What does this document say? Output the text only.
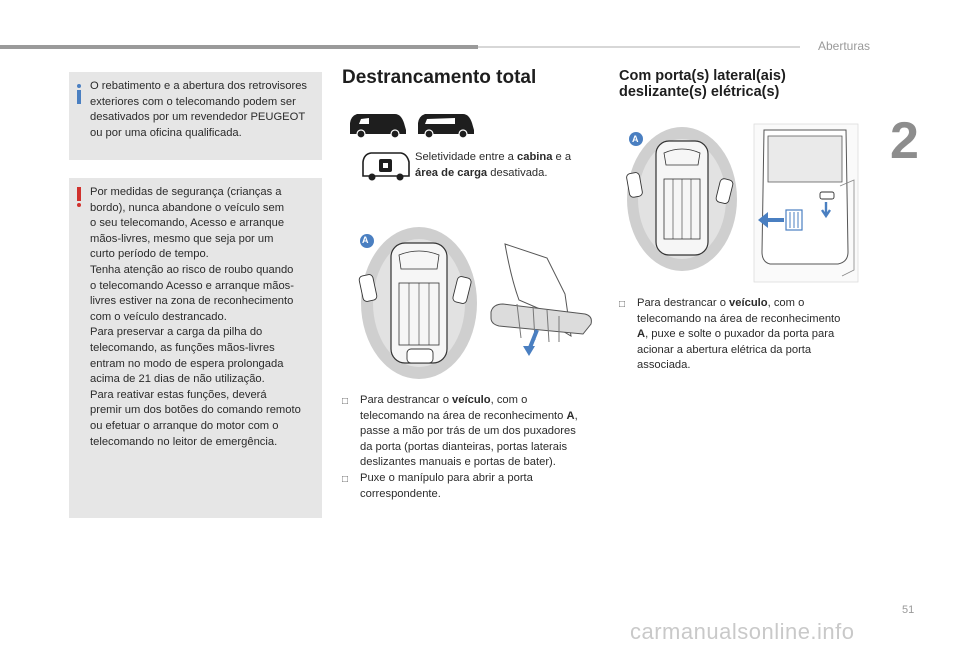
Aberturas
2

O rebatimento e a abertura dos retrovisores
exteriores com o telecomando podem ser
desativados por um revendedor PEUGEOT
ou por uma oficina qualificada.

Por medidas de segurança (crianças a
bordo), nunca abandone o veículo sem
o seu telecomando, Acesso e arranque
mãos-livres, mesmo que seja por um
curto período de tempo.
Tenha atenção ao risco de roubo quando
o telecomando Acesso e arranque mãos-
livres estiver na zona de reconhecimento
com o veículo destrancado.
Para preservar a carga da pilha do
telecomando, as funções mãos-livres
entram no modo de espera prolongada
acima de 21 dias de não utilização.
Para reativar estas funções, deverá
premir um dos botões do comando remoto
ou efetuar o arranque do motor com o
telecomando no leitor de emergência.

Destrancamento total
Seletividade entre a cabina e a
área de carga desativada.
A
□	Para destrancar o veículo, com o
telecomando na área de reconhecimento A,
passe a mão por trás de um dos puxadores
da porta (portas dianteiras, portas laterais
deslizantes manuais e portas de bater).
□	Puxe o manípulo para abrir a porta
correspondente.
Com porta(s) lateral(ais)
deslizante(s) elétrica(s)
A
□	Para destrancar o veículo, com o
telecomando na área de reconhecimento
A, puxe e solte o puxador da porta para
acionar a abertura elétrica da porta
associada.
51
carmanualsonline.info
